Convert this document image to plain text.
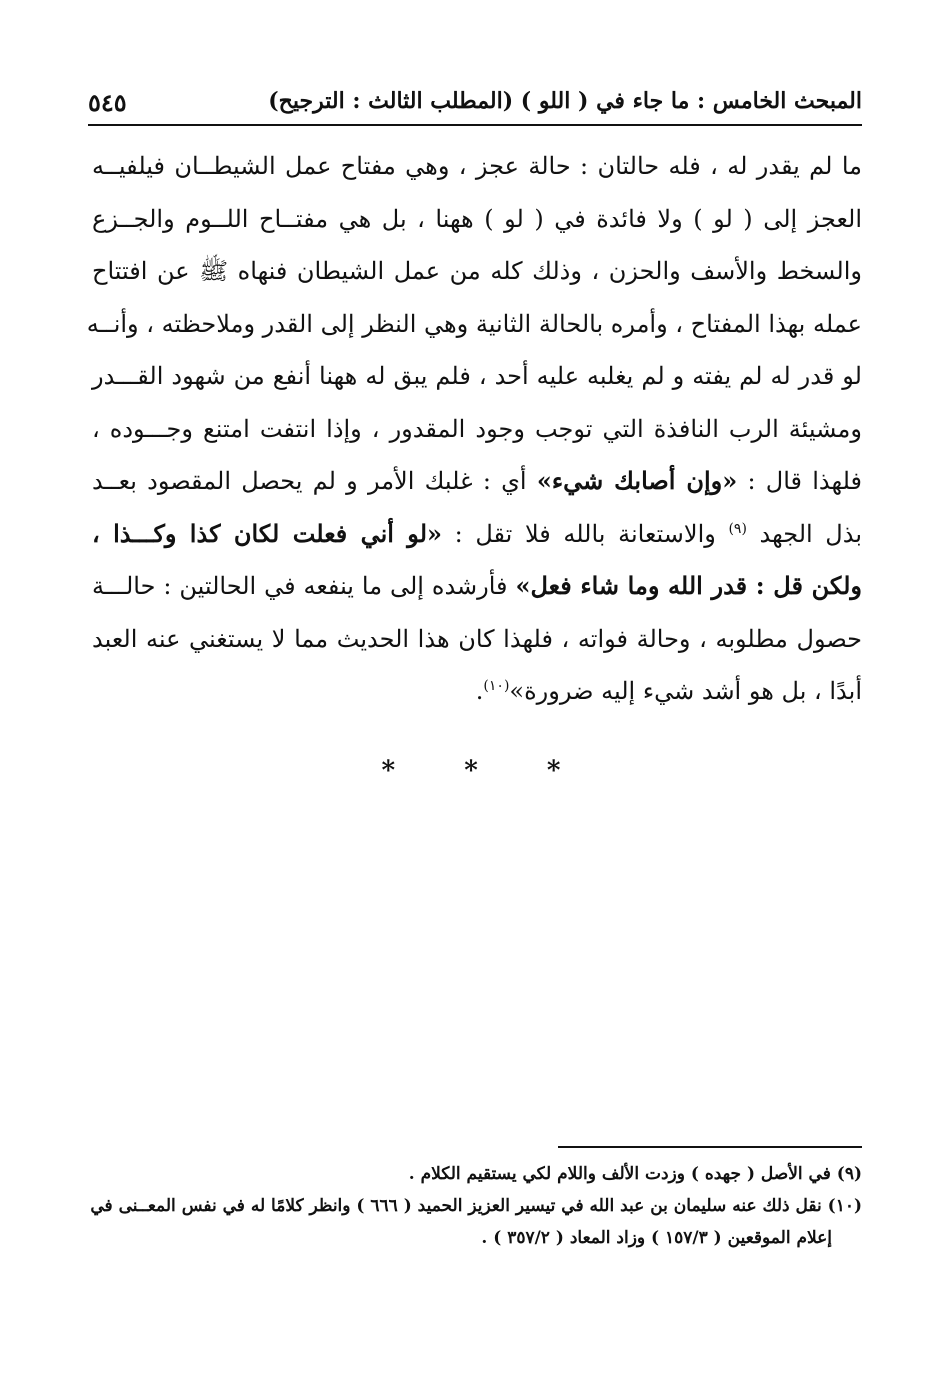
المبحث الخامس : ما جاء في ( اللو ) (المطلب الثالث : الترجيح)
٥٤٥
ما لم يقدر له ، فله حالتان : حالة عجز ، وهي مفتاح عمل الشيطــان فيلفيــه
العجز إلى ( لو ) ولا فائدة في ( لو ) ههنا ، بل هي مفتــاح اللــوم والجــزع
والسخط والأسف والحزن ، وذلك كله من عمل الشيطان فنهاه ﷺ عن افتتاح
عمله بهذا المفتاح ، وأمره بالحالة الثانية وهي النظر إلى القدر وملاحظته ، وأنــه
لو قدر له لم يفته و لم يغلبه عليه أحد ، فلم يبق له ههنا أنفع من شهود القـــدر
ومشيئة الرب النافذة التي توجب وجود المقدور ، وإذا انتفت امتنع وجـــوده ،
فلهذا قال : «وإن أصابك شيء» أي : غلبك الأمر و لم يحصل المقصود بعــد
بذل الجهد $^{(٩)}$ والاستعانة بالله فلا تقل : «لو أني فعلت لكان كذا وكـــذا ،
ولكن قل : قدر الله وما شاء فعل» فأرشده إلى ما ينفعه في الحالتين : حالـــة
حصول مطلوبه ، وحالة فواته ، فلهذا كان هذا الحديث مما لا يستغني عنه العبد
أبدًا ، بل هو أشد شيء إليه ضرورة»$^{(١٠)}$.
* * *
(٩) في الأصل ( جهده ) وزدت الألف واللام لكي يستقيم الكلام .
(١٠) نقل ذلك عنه سليمان بن عبد الله في تيسير العزيز الحميد ( ٦٦٦ ) وانظر كلامًا له في نفس المعــنى في
إعلام الموقعين ( ١٥٧/٣ ) وزاد المعاد ( ٣٥٧/٢ ) .
